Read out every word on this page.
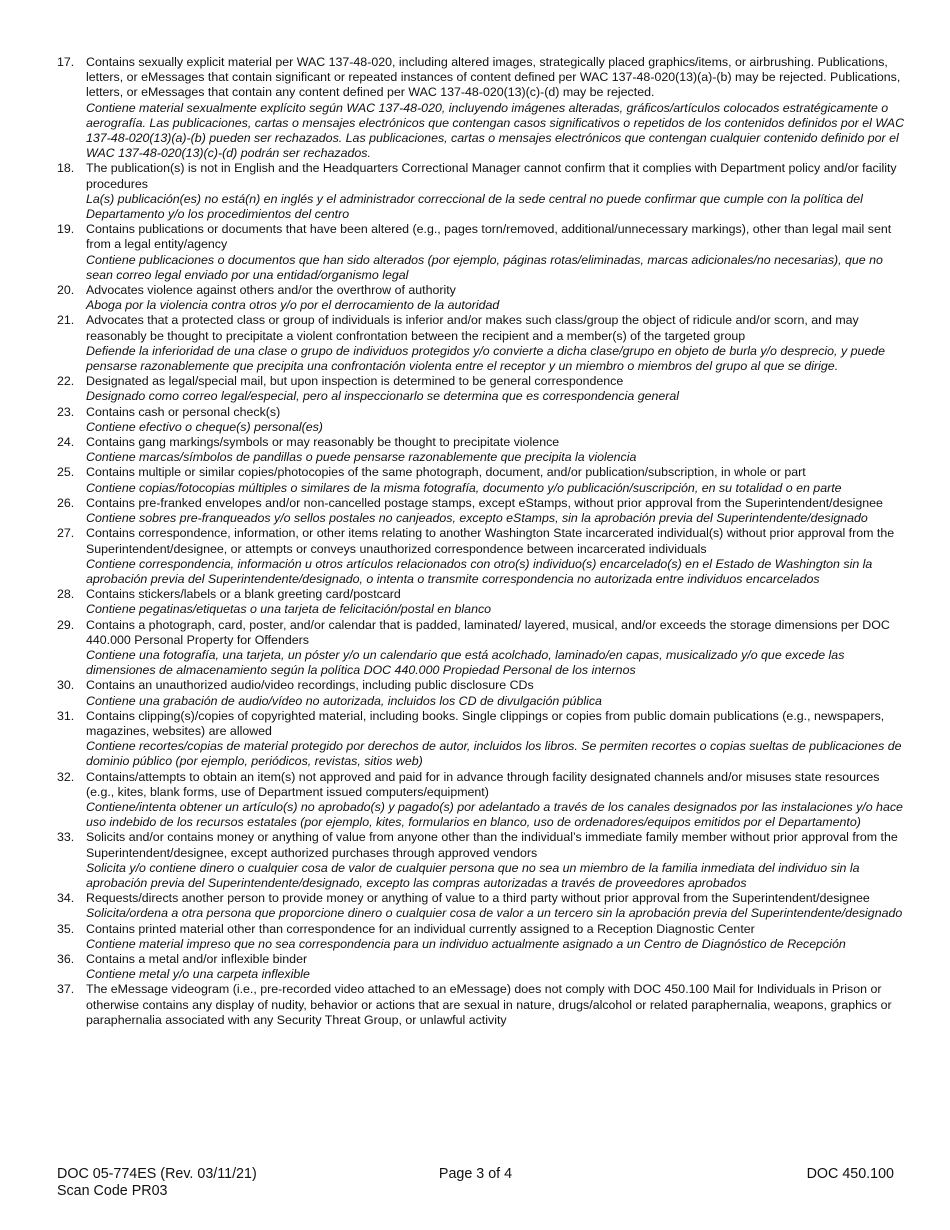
17. Contains sexually explicit material per WAC 137-48-020, including altered images, strategically placed graphics/items, or airbrushing. Publications, letters, or eMessages that contain significant or repeated instances of content defined per WAC 137-48-020(13)(a)-(b) may be rejected. Publications, letters, or eMessages that contain any content defined per WAC 137-48-020(13)(c)-(d) may be rejected.
Contiene material sexualmente explícito según WAC 137-48-020, incluyendo imágenes alteradas, gráficos/artículos colocados estratégicamente o aerografía. Las publicaciones, cartas o mensajes electrónicos que contengan casos significativos o repetidos de los contenidos definidos por el WAC 137-48-020(13)(a)-(b) pueden ser rechazados. Las publicaciones, cartas o mensajes electrónicos que contengan cualquier contenido definido por el WAC 137-48-020(13)(c)-(d) podrán ser rechazados.
18. The publication(s) is not in English and the Headquarters Correctional Manager cannot confirm that it complies with Department policy and/or facility procedures
La(s) publicación(es) no está(n) en inglés y el administrador correccional de la sede central no puede confirmar que cumple con la política del Departamento y/o los procedimientos del centro
19. Contains publications or documents that have been altered (e.g., pages torn/removed, additional/unnecessary markings), other than legal mail sent from a legal entity/agency
Contiene publicaciones o documentos que han sido alterados (por ejemplo, páginas rotas/eliminadas, marcas adicionales/no necesarias), que no sean correo legal enviado por una entidad/organismo legal
20. Advocates violence against others and/or the overthrow of authority
Aboga por la violencia contra otros y/o por el derrocamiento de la autoridad
21. Advocates that a protected class or group of individuals is inferior and/or makes such class/group the object of ridicule and/or scorn, and may reasonably be thought to precipitate a violent confrontation between the recipient and a member(s) of the targeted group
Defiende la inferioridad de una clase o grupo de individuos protegidos y/o convierte a dicha clase/grupo en objeto de burla y/o desprecio, y puede pensarse razonablemente que precipita una confrontación violenta entre el receptor y un miembro o miembros del grupo al que se dirige.
22. Designated as legal/special mail, but upon inspection is determined to be general correspondence
Designado como correo legal/especial, pero al inspeccionarlo se determina que es correspondencia general
23. Contains cash or personal check(s)
Contiene efectivo o cheque(s) personal(es)
24. Contains gang markings/symbols or may reasonably be thought to precipitate violence
Contiene marcas/símbolos de pandillas o puede pensarse razonablemente que precipita la violencia
25. Contains multiple or similar copies/photocopies of the same photograph, document, and/or publication/subscription, in whole or part
Contiene copias/fotocopias múltiples o similares de la misma fotografía, documento y/o publicación/suscripción, en su totalidad o en parte
26. Contains pre-franked envelopes and/or non-cancelled postage stamps, except eStamps, without prior approval from the Superintendent/designee
Contiene sobres pre-franqueados y/o sellos postales no canjeados, excepto eStamps, sin la aprobación previa del Superintendente/designado
27. Contains correspondence, information, or other items relating to another Washington State incarcerated individual(s) without prior approval from the Superintendent/designee, or attempts or conveys unauthorized correspondence between incarcerated individuals
Contiene correspondencia, información u otros artículos relacionados con otro(s) individuo(s) encarcelado(s) en el Estado de Washington sin la aprobación previa del Superintendente/designado, o intenta o transmite correspondencia no autorizada entre individuos encarcelados
28. Contains stickers/labels or a blank greeting card/postcard
Contiene pegatinas/etiquetas o una tarjeta de felicitación/postal en blanco
29. Contains a photograph, card, poster, and/or calendar that is padded, laminated/ layered, musical, and/or exceeds the storage dimensions per DOC 440.000 Personal Property for Offenders
Contiene una fotografía, una tarjeta, un póster y/o un calendario que está acolchado, laminado/en capas, musicalizado y/o que excede las dimensiones de almacenamiento según la política DOC 440.000 Propiedad Personal de los internos
30. Contains an unauthorized audio/video recordings, including public disclosure CDs
Contiene una grabación de audio/vídeo no autorizada, incluidos los CD de divulgación pública
31. Contains clipping(s)/copies of copyrighted material, including books. Single clippings or copies from public domain publications (e.g., newspapers, magazines, websites) are allowed
Contiene recortes/copias de material protegido por derechos de autor, incluidos los libros. Se permiten recortes o copias sueltas de publicaciones de dominio público (por ejemplo, periódicos, revistas, sitios web)
32. Contains/attempts to obtain an item(s) not approved and paid for in advance through facility designated channels and/or misuses state resources (e.g., kites, blank forms, use of Department issued computers/equipment)
Contiene/intenta obtener un artículo(s) no aprobado(s) y pagado(s) por adelantado a través de los canales designados por las instalaciones y/o hace uso indebido de los recursos estatales (por ejemplo, kites, formularios en blanco, uso de ordenadores/equipos emitidos por el Departamento)
33. Solicits and/or contains money or anything of value from anyone other than the individual’s immediate family member without prior approval from the Superintendent/designee, except authorized purchases through approved vendors
Solicita y/o contiene dinero o cualquier cosa de valor de cualquier persona que no sea un miembro de la familia inmediata del individuo sin la aprobación previa del Superintendente/designado, excepto las compras autorizadas a través de proveedores aprobados
34. Requests/directs another person to provide money or anything of value to a third party without prior approval from the Superintendent/designee
Solicita/ordena a otra persona que proporcione dinero o cualquier cosa de valor a un tercero sin la aprobación previa del Superintendente/designado
35. Contains printed material other than correspondence for an individual currently assigned to a Reception Diagnostic Center
Contiene material impreso que no sea correspondencia para un individuo actualmente asignado a un Centro de Diagnóstico de Recepción
36. Contains a metal and/or inflexible binder
Contiene metal y/o una carpeta inflexible
37. The eMessage videogram (i.e., pre-recorded video attached to an eMessage) does not comply with DOC 450.100 Mail for Individuals in Prison or otherwise contains any display of nudity, behavior or actions that are sexual in nature, drugs/alcohol or related paraphernalia, weapons, graphics or paraphernalia associated with any Security Threat Group, or unlawful activity
DOC 05-774ES (Rev. 03/11/21)
Scan Code PR03
Page 3 of 4	DOC 450.100
